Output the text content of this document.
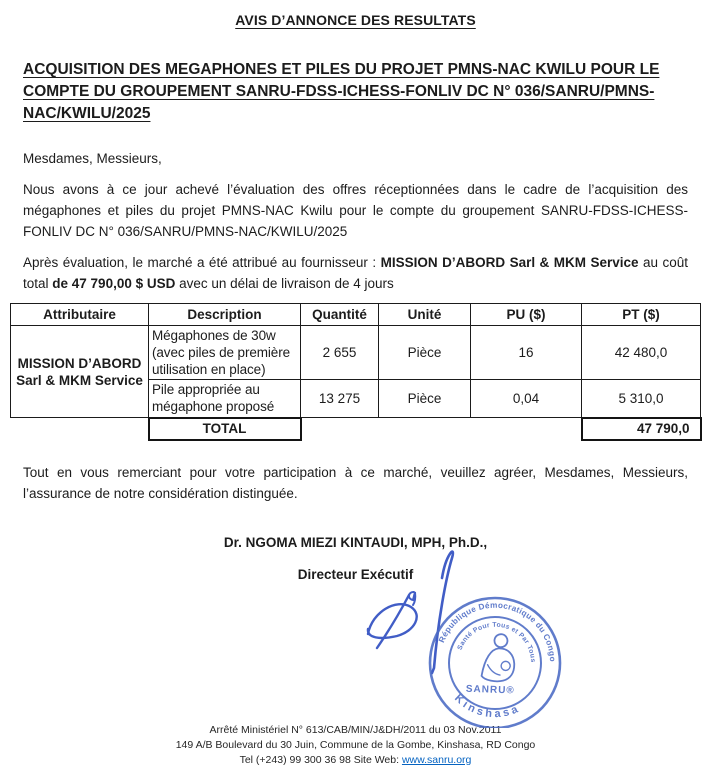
AVIS D’ANNONCE DES RESULTATS
ACQUISITION DES MEGAPHONES ET PILES DU PROJET PMNS-NAC KWILU POUR LE COMPTE DU GROUPEMENT SANRU-FDSS-ICHESS-FONLIV DC N° 036/SANRU/PMNS-NAC/KWILU/2025
Mesdames, Messieurs,
Nous avons à ce jour achevé l’évaluation des offres réceptionnées dans le cadre de l’acquisition des mégaphones et piles du projet PMNS-NAC Kwilu pour le compte du groupement SANRU-FDSS-ICHESS-FONLIV DC N° 036/SANRU/PMNS-NAC/KWILU/2025
Après évaluation, le marché a été attribué au fournisseur : MISSION D’ABORD Sarl & MKM Service au coût total de 47 790,00 $ USD avec un délai de livraison de 4 jours
Attributaire	Description	Quantité	Unité	PU ($)	PT ($)
MISSION D’ABORD Sarl & MKM Service	Mégaphones de 30w (avec piles de première utilisation en place)	2 655	Pièce	16	42 480,0
	Pile appropriée au mégaphone proposé	13 275	Pièce	0,04	5 310,0
	TOTAL				47 790,0
Tout en vous remerciant pour votre participation à ce marché, veuillez agréer, Mesdames, Messieurs, l’assurance de notre considération distinguée.
Dr. NGOMA MIEZI KINTAUDI, MPH, Ph.D.,
Directeur Exécutif
République Démocratique du Congo
Santé Pour Tous et Par Tous
Kinshasa
SANRU®
Arrêté Ministériel N° 613/CAB/MIN/J&DH/2011 du 03 Nov.2011
149 A/B Boulevard du 30 Juin, Commune de la Gombe, Kinshasa, RD Congo
Tel (+243) 99 300 36 98 Site Web: www.sanru.org
